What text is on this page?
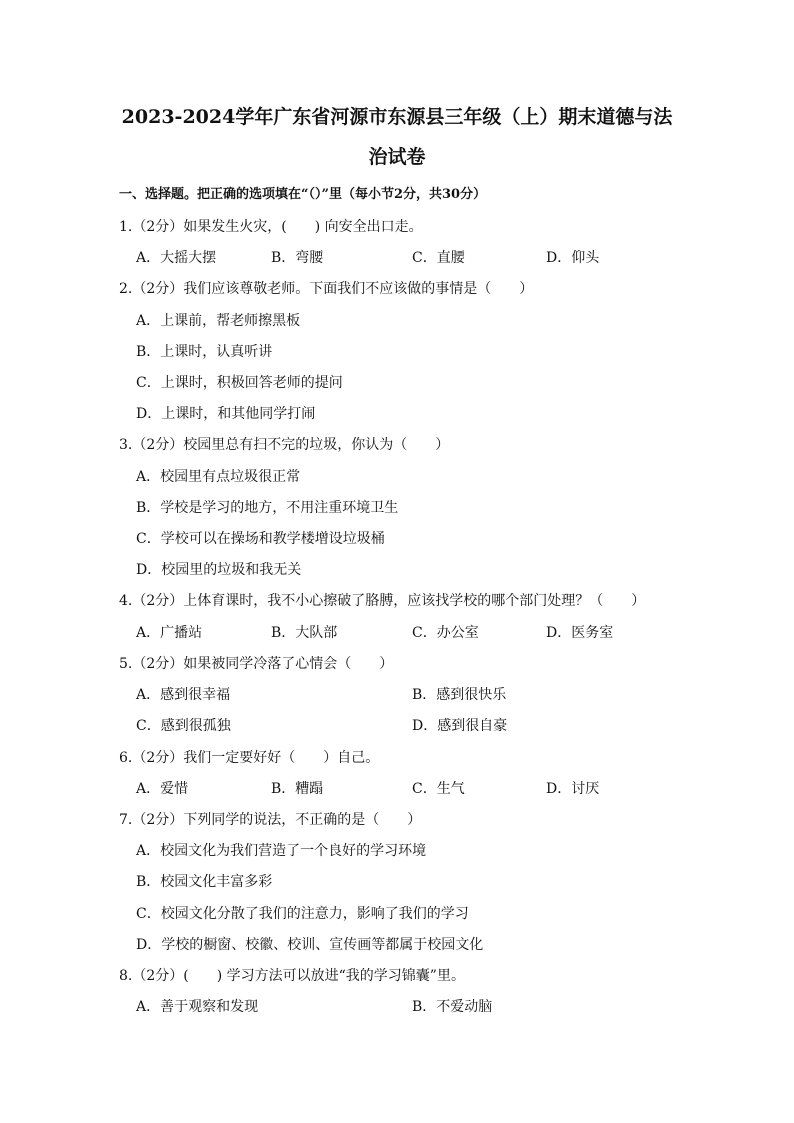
2023-2024学年广东省河源市东源县三年级（上）期末道德与法
治试卷
一、选择题。把正确的选项填在“（）”里（每小节2分，共30分）
1.（2分）如果发生火灾，(　　) 向安全出口走。
A．大摇大摆	B．弯腰	C．直腰	D．仰头
2.（2分）我们应该尊敬老师。下面我们不应该做的事情是（　　）
A．上课前，帮老师擦黑板
B．上课时，认真听讲
C．上课时，积极回答老师的提问
D．上课时，和其他同学打闹
3.（2分）校园里总有扫不完的垃圾，你认为（　　）
A．校园里有点垃圾很正常
B．学校是学习的地方，不用注重环境卫生
C．学校可以在操场和教学楼增设垃圾桶
D．校园里的垃圾和我无关
4.（2分）上体育课时，我不小心擦破了胳膊，应该找学校的哪个部门处理？（　　）
A．广播站	B．大队部	C．办公室	D．医务室
5.（2分）如果被同学冷落了心情会（　　）
A．感到很幸福	B．感到很快乐
C．感到很孤独	D．感到很自豪
6.（2分）我们一定要好好（　　）自己。
A．爱惜	B．糟蹋	C．生气	D．讨厌
7.（2分）下列同学的说法，不正确的是（　　）
A．校园文化为我们营造了一个良好的学习环境
B．校园文化丰富多彩
C．校园文化分散了我们的注意力，影响了我们的学习
D．学校的橱窗、校徽、校训、宣传画等都属于校园文化
8.（2分）(　　) 学习方法可以放进“我的学习锦囊”里。
A．善于观察和发现	B．不爱动脑
